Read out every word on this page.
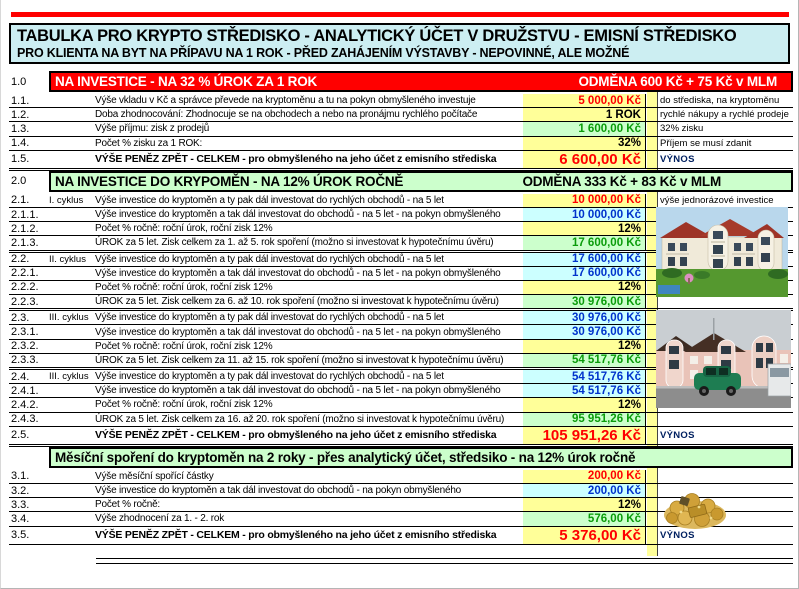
TABULKA PRO KRYPTO STŘEDISKO - ANALYTICKÝ ÚČET V DRUŽSTVU - EMISNÍ STŘEDISKO
PRO KLIENTA NA BYT NA PŘÍPAVU NA 1 ROK - PŘED ZAHÁJENÍM VÝSTAVBY - NEPOVINNÉ, ALE MOŽNÉ
1.0	NA INVESTICE - NA 32 % ÚROK ZA 1 ROK	ODMĚNA 600 Kč + 75 Kč v MLM
1.1.	Výše vkladu v Kč a správce převede na kryptoměnu a tu na pokyn obmyšleného investuje	5 000,00 Kč	do střediska, na kryptoměnu
1.2.	Doba zhodnocování: Zhodnocuje se na obchodech a nebo na pronájmu rychlého počítače	1 ROK	rychlé nákupy a rychlé prodeje
1.3.	Výše příjmu: zisk z prodejů	1 600,00 Kč	32% zisku
1.4.	Počet % zisku za 1 ROK:	32%	Příjem se musí zdanit
1.5.	VÝŠE PENĚZ ZPĚT - CELKEM - pro obmyšleného na jeho účet z emisního střediska	6 600,00 Kč	VÝNOS
2.0	NA INVESTICE DO KRYPOMĚN - NA 12% ÚROK ROČNĚ	ODMĚNA 333 Kč + 83 Kč v MLM
2.1.	I. cyklus	Výše investice do kryptoměn a ty pak dál investovat do rychlých obchodů - na 5 let	10 000,00 Kč	výše jednorázové investice
2.1.1.	Výše investice do kryptoměn a tak dál investovat do obchodů - na 5 let - na pokyn obmyšleného	10 000,00 Kč
2.1.2.	Počet % ročně: roční úrok, roční zisk 12%	12%
2.1.3.	ÚROK za 5 let. Zisk celkem za 1. až 5. rok spoření (možno si investovat k hypotečnímu úvěru)	17 600,00 Kč
2.2.	II. cyklus Výše investice do kryptoměn a ty pak dál investovat do rychlých obchodů - na 5 let	17 600,00 Kč
2.2.1.	Výše investice do kryptoměn a tak dál investovat do obchodů - na 5 let - na pokyn obmyšleného	17 600,00 Kč
2.2.2.	Počet % ročně: roční úrok, roční zisk 12%	12%
2.2.3.	ÚROK za 5 let. Zisk celkem za 6. až 10. rok spoření (možno si investovat k hypotečnímu úvěru)	30 976,00 Kč
2.3.	III. cyklus Výše investice do kryptoměn a ty pak dál investovat do rychlých obchodů - na 5 let	30 976,00 Kč
2.3.1.	Výše investice do kryptoměn a tak dál investovat do obchodů - na 5 let - na pokyn obmyšleného	30 976,00 Kč
2.3.2.	Počet % ročně: roční úrok, roční zisk 12%	12%
2.3.3.	ÚROK za 5 let. Zisk celkem za 11. až 15. rok spoření (možno si investovat k hypotečnímu úvěru)	54 517,76 Kč
2.4.	III. cyklus Výše investice do kryptoměn a ty pak dál investovat do rychlých obchodů - na 5 let	54 517,76 Kč
2.4.1.	Výše investice do kryptoměn a tak dál investovat do obchodů - na 5 let - na pokyn obmyšleného	54 517,76 Kč
2.4.2.	Počet % ročně: roční úrok, roční zisk 12%	12%
2.4.3.	ÚROK za 5 let. Zisk celkem za 16. až 20. rok spoření (možno si investovat k hypotečnímu úvěru)	95 951,26 Kč
2.5.	VÝŠE PENĚZ ZPĚT - CELKEM - pro obmyšleného na jeho účet z emisního střediska	105 951,26 Kč	VÝNOS
Měsíční spoření do kryptoměn na 2 roky - přes analytický účet, středsiko - na 12% úrok ročně
3.1.	Výše měsíční spořící částky	200,00 Kč
3.2.	Výše investice do kryptoměn a tak dál investovat do obchodů - na pokyn obmyšleného	200,00 Kč
3.3.	Počet % ročně:	12%
3.4.	Výše zhodnocení za 1. - 2. rok	576,00 Kč
3.5.	VÝŠE PENĚZ ZPĚT - CELKEM - pro obmyšleného na jeho účet z emisního střediska	5 376,00 Kč	VÝNOS
